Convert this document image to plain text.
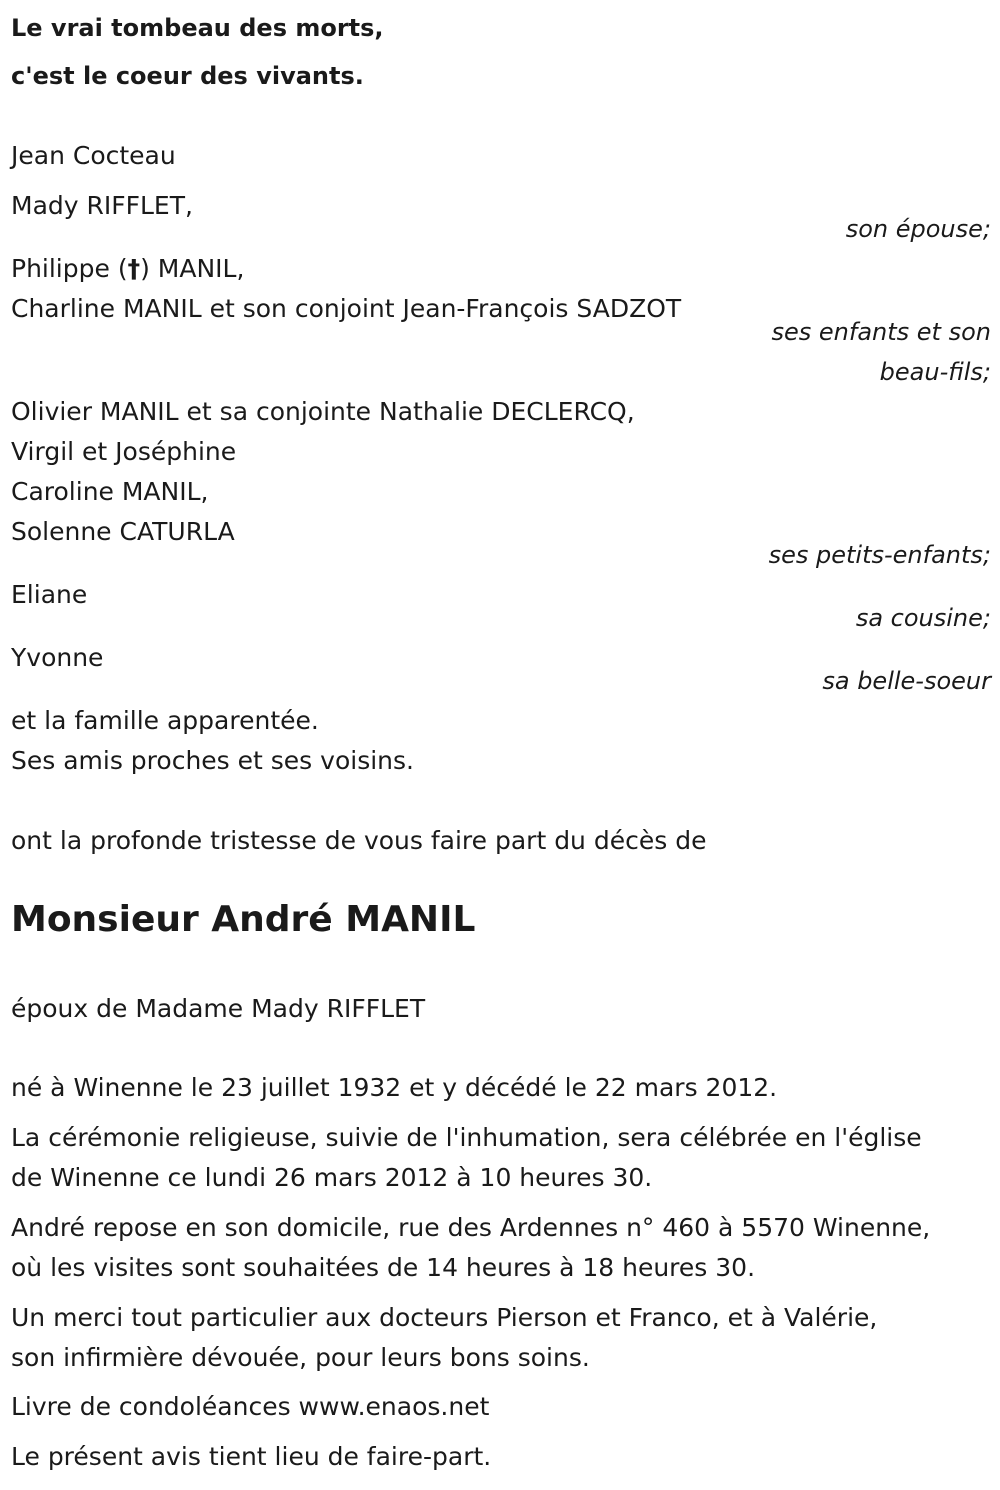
Le vrai tombeau des morts,
c'est le coeur des vivants.
Jean Cocteau
Mady RIFFLET,
son épouse;
Philippe (†) MANIL,
Charline MANIL et son conjoint Jean-François SADZOT
ses enfants et son
beau-fils;
Olivier MANIL et sa conjointe Nathalie DECLERCQ,
Virgil et Joséphine
Caroline MANIL,
Solenne CATURLA
ses petits-enfants;
Eliane
sa cousine;
Yvonne
sa belle-soeur
et la famille apparentée.
Ses amis proches et ses voisins.
ont la profonde tristesse de vous faire part du décès de
Monsieur André MANIL
époux de Madame Mady RIFFLET
né à Winenne le 23 juillet 1932 et y décédé le 22 mars 2012.
La cérémonie religieuse, suivie de l'inhumation, sera célébrée en l'église
de Winenne ce lundi 26 mars 2012 à 10 heures 30.
André repose en son domicile, rue des Ardennes n° 460 à 5570 Winenne,
où les visites sont souhaitées de 14 heures à 18 heures 30.
Un merci tout particulier aux docteurs Pierson et Franco, et à Valérie,
son infirmière dévouée, pour leurs bons soins.
Livre de condoléances www.enaos.net
Le présent avis tient lieu de faire-part.
